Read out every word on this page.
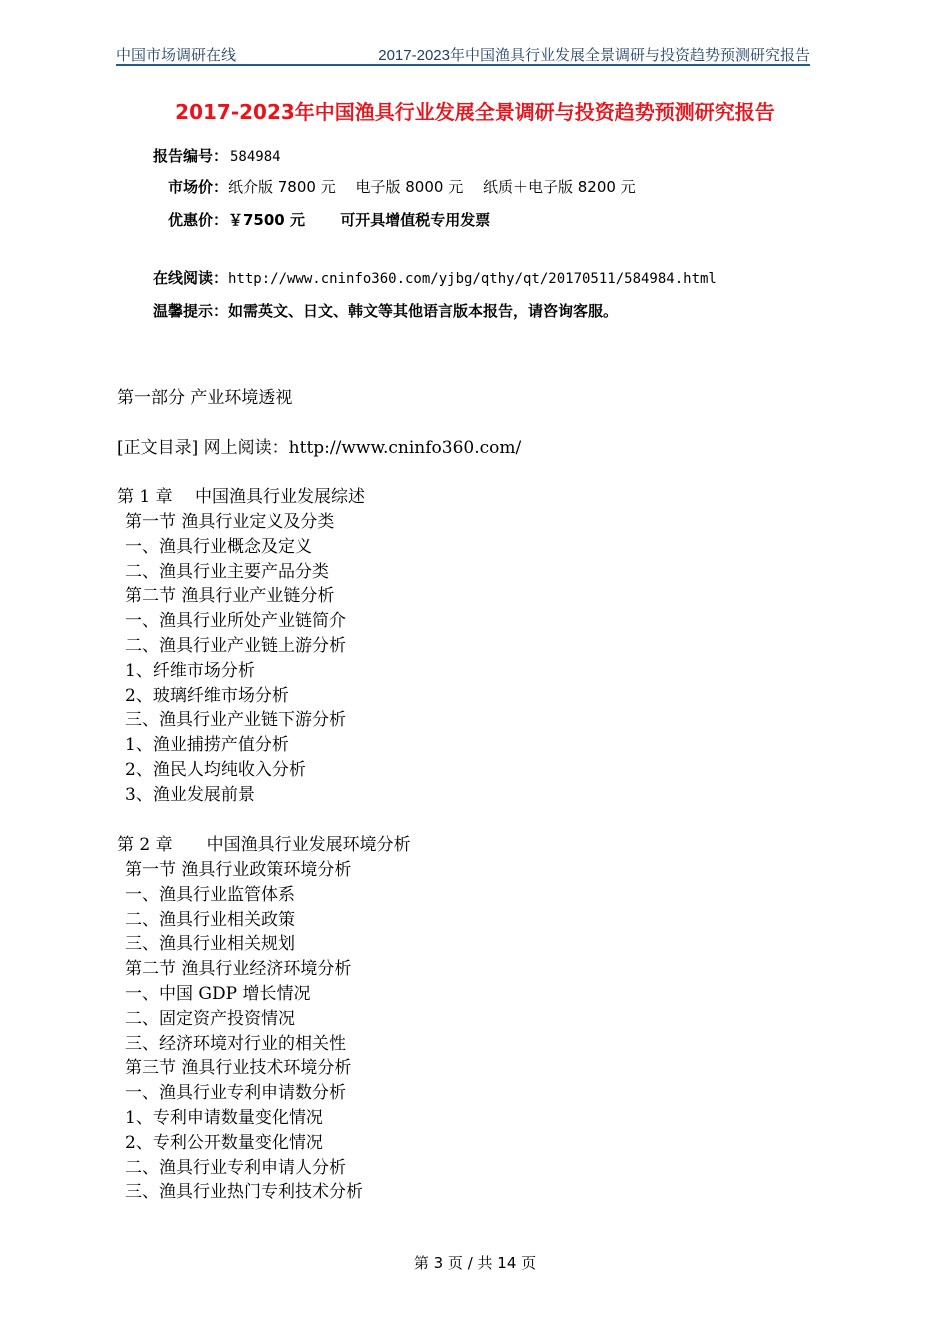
中国市场调研在线	2017-2023年中国渔具行业发展全景调研与投资趋势预测研究报告
2017-2023年中国渔具行业发展全景调研与投资趋势预测研究报告
报告编号： 584984
市场价：纸介版 7800 元　 电子版 8000 元　 纸质＋电子版 8200 元
优惠价：￥7500 元　　 可开具增值税专用发票
在线阅读：http://www.cninfo360.com/yjbg/qthy/qt/20170511/584984.html
温馨提示：如需英文、日文、韩文等其他语言版本报告，请咨询客服。
第一部分 产业环境透视
[正文目录] 网上阅读：http://www.cninfo360.com/
第 1 章　 中国渔具行业发展综述
第一节 渔具行业定义及分类
一、渔具行业概念及定义
二、渔具行业主要产品分类
第二节 渔具行业产业链分析
一、渔具行业所处产业链简介
二、渔具行业产业链上游分析
1、纤维市场分析
2、玻璃纤维市场分析
三、渔具行业产业链下游分析
1、渔业捕捞产值分析
2、渔民人均纯收入分析
3、渔业发展前景
第 2 章　　中国渔具行业发展环境分析
第一节 渔具行业政策环境分析
一、渔具行业监管体系
二、渔具行业相关政策
三、渔具行业相关规划
第二节 渔具行业经济环境分析
一、中国 GDP 增长情况
二、固定资产投资情况
三、经济环境对行业的相关性
第三节 渔具行业技术环境分析
一、渔具行业专利申请数分析
1、专利申请数量变化情况
2、专利公开数量变化情况
二、渔具行业专利申请人分析
三、渔具行业热门专利技术分析
第 3 页 / 共 14 页
